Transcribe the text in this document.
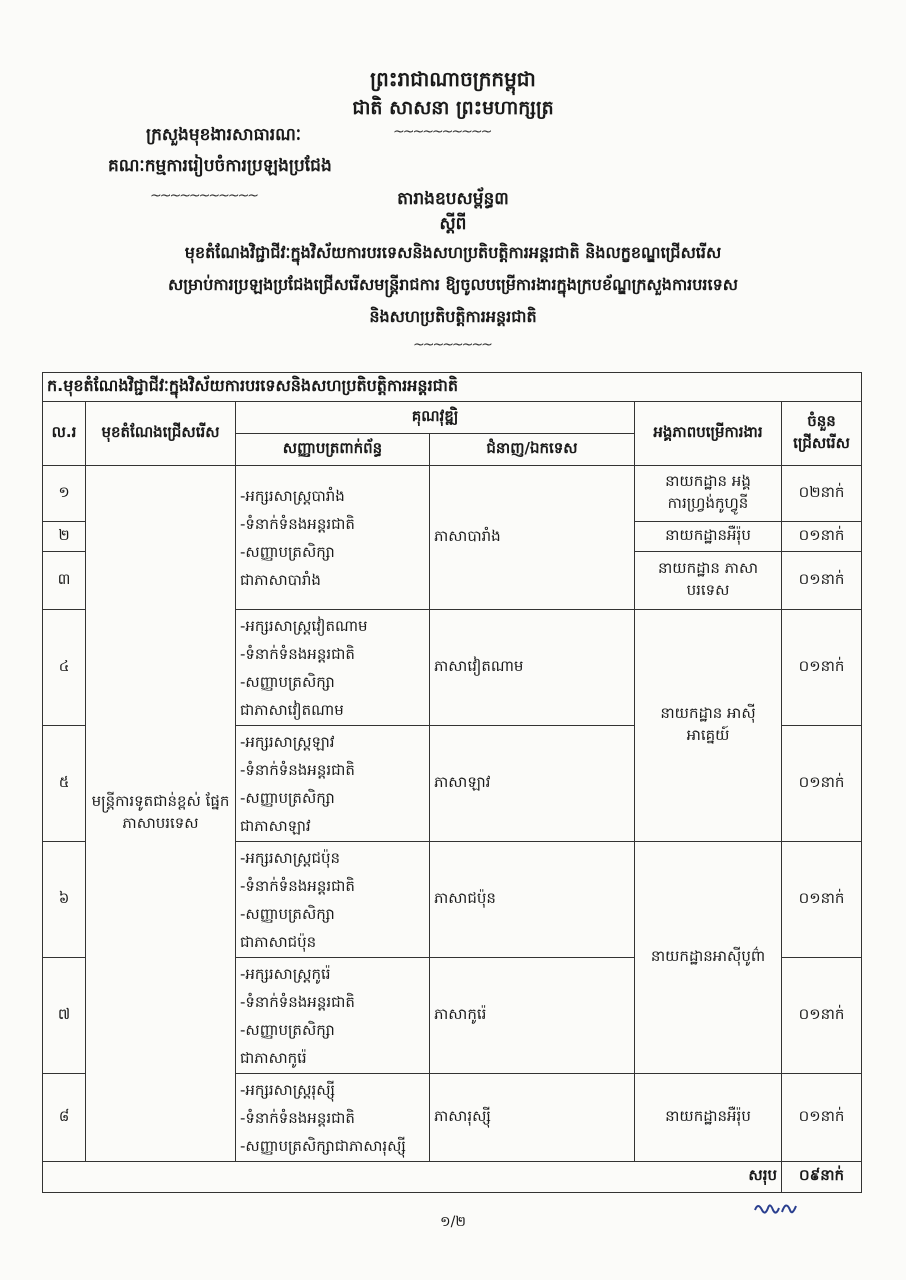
ព្រះរាជាណាចក្រកម្ពុជា
ជាតិ សាសនា ព្រះមហាក្សត្រ
~~~~~~~~~~
ក្រសួងមុខងារសាធារណៈ
គណៈកម្មការរៀបចំការប្រឡងប្រជែង
~~~~~~~~~~~	តារាងឧបសម្ព័ន្ធ៣
ស្តីពី
មុខតំណែងវិជ្ជាជីវៈក្នុងវិស័យការបរទេសនិងសហប្រតិបត្តិការអន្តរជាតិ និងលក្ខខណ្ឌជ្រើសរើស
សម្រាប់ការប្រឡងប្រជែងជ្រើសរើសមន្ត្រីរាជការ ឱ្យចូលបម្រើការងារក្នុងក្របខ័ណ្ឌក្រសួងការបរទេស
និងសហប្រតិបត្តិការអន្តរជាតិ
~~~~~~~~
ក.មុខតំណែងវិជ្ជាជីវៈក្នុងវិស័យការបរទេសនិងសហប្រតិបត្តិការអន្តរជាតិ					
ល.រ	មុខតំណែងជ្រើសរើស	គុណវុឌ្ឍិ		អង្គភាពបម្រើការងារ	ចំនួន ជ្រើសរើស
		សញ្ញាបត្រពាក់ព័ន្ធ	ជំនាញ/ឯកទេស		
១	មន្ត្រីការទូតជាន់ខ្ពស់ ផ្នែកភាសាបរទេស	-អក្សរសាស្ត្របារាំង
-ទំនាក់ទំនងអន្តរជាតិ
-សញ្ញាបត្រសិក្សា
ជាភាសាបារាំង	ភាសាបារាំង	នាយកដ្ឋាន អង្គការហ្វ្រង់កូហ្វូនី	០២នាក់
២				នាយកដ្ឋានអឺរ៉ុប	០១នាក់
៣				នាយកដ្ឋាន ភាសាបរទេស	០១នាក់
៤		-អក្សរសាស្ត្រវៀតណាម
-ទំនាក់ទំនងអន្តរជាតិ
-សញ្ញាបត្រសិក្សា
ជាភាសាវៀតណាម	ភាសាវៀតណាម	នាយកដ្ឋាន អាស៊ីអាគ្នេយ៍	០១នាក់
៥		-អក្សរសាស្ត្រឡាវ
-ទំនាក់ទំនងអន្តរជាតិ
-សញ្ញាបត្រសិក្សា
ជាភាសាឡាវ	ភាសាឡាវ		០១នាក់
៦		-អក្សរសាស្ត្រជប៉ុន
-ទំនាក់ទំនងអន្តរជាតិ
-សញ្ញាបត្រសិក្សា
ជាភាសាជប៉ុន	ភាសាជប៉ុន	នាយកដ្ឋានអាស៊ីបូព៌ា	០១នាក់
៧		-អក្សរសាស្ត្រកូរ៉េ
-ទំនាក់ទំនងអន្តរជាតិ
-សញ្ញាបត្រសិក្សា
ជាភាសាកូរ៉េ	ភាសាកូរ៉េ		០១នាក់
៨		-អក្សរសាស្ត្ររុស្ស៊ី
-ទំនាក់ទំនងអន្តរជាតិ
-សញ្ញាបត្រសិក្សាជាភាសារុស្ស៊ី	ភាសារុស្ស៊ី	នាយកដ្ឋានអឺរ៉ុប	០១នាក់
សរុប					០៩នាក់
១/២
